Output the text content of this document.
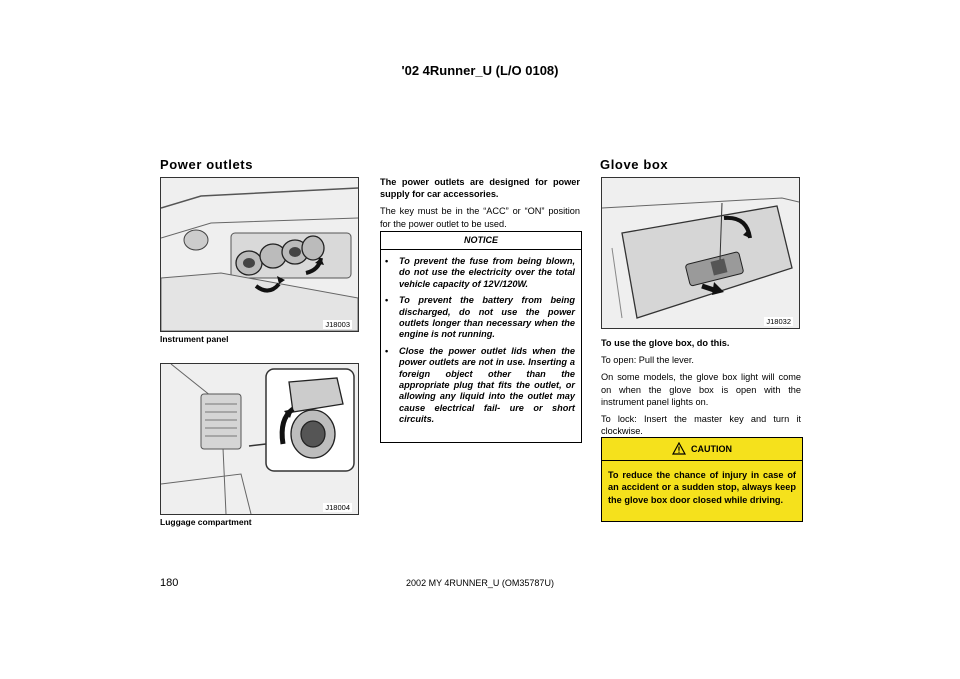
'02 4Runner_U (L/O 0108)
Power outlets
J18003
Instrument panel
J18004
Luggage compartment

The power outlets are designed for power supply for car accessories.

The key must be in the “ACC” or “ON” position for the power outlet to be used.

NOTICE
•	To prevent the fuse from being blown, do not use the electricity over the total vehicle capacity of 12V/120W.
•	To prevent the battery from being discharged, do not use the power outlets longer than necessary when the engine is not running.
•	Close the power outlet lids when the power outlets are not in use. Inserting a foreign object other than the appropriate plug that fits the outlet, or allowing any liquid into the outlet may cause electrical fail- ure or short circuits.
Glove box
J18032

To use the glove box, do this.

To open: Pull the lever.

On some models, the glove box light will come on when the glove box is open with the instrument panel lights on.

To lock: Insert the master key and turn it clockwise.

CAUTION
To reduce the chance of injury in case of an accident or a sudden stop, always keep the glove box door closed while driving.
180	2002 MY 4RUNNER_U (OM35787U)
